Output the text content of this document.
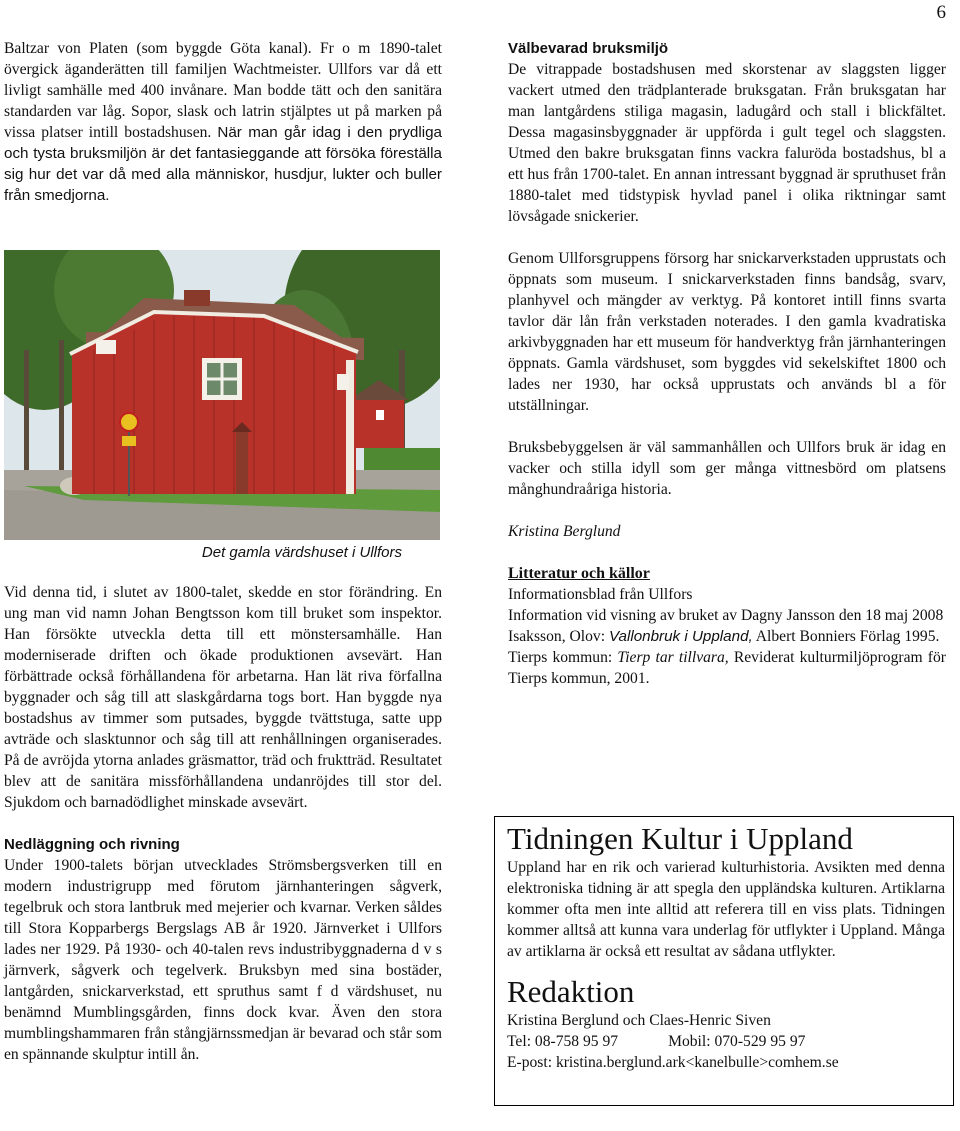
6

Baltzar von Platen (som byggde Göta kanal). Fr o m 1890-talet övergick äganderätten till familjen Wachtmeister. Ullfors var då ett livligt samhälle med 400 invånare. Man bodde tätt och den sanitära standarden var låg. Sopor, slask och latrin stjälptes ut på marken på vissa platser intill bostadshusen. När man går idag i den prydliga och tysta bruksmiljön är det fantasieggande att försöka föreställa sig hur det var då med alla människor, husdjur, lukter och buller från smedjorna.

Det gamla värdshuset i Ullfors

Vid denna tid, i slutet av 1800-talet, skedde en stor förändring. En ung man vid namn Johan Bengtsson kom till bruket som inspektor. Han försökte utveckla detta till ett mönstersamhälle. Han moderniserade driften och ökade produktionen avsevärt. Han förbättrade också förhållandena för arbetarna. Han lät riva förfallna byggnader och såg till att slaskgårdarna togs bort. Han byggde nya bostadshus av timmer som putsades, byggde tvättstuga, satte upp avträde och slasktunnor och såg till att renhållningen organiserades. På de avröjda ytorna anlades gräsmattor, träd och fruktträd. Resultatet blev att de sanitära missförhållandena undanröjdes till stor del. Sjukdom och barnadödlighet minskade avsevärt.

Nedläggning och rivning

Under 1900-talets början utvecklades Strömsbergsverken till en modern industrigrupp med förutom järnhanteringen sågverk, tegelbruk och stora lantbruk med mejerier och kvarnar. Verken såldes till Stora Kopparbergs Bergslags AB år 1920. Järnverket i Ullfors lades ner 1929. På 1930- och 40-talen revs industribyggnaderna d v s järnverk, sågverk och tegelverk. Bruksbyn med sina bostäder, lantgården, snickarverkstad, ett spruthus samt f d värdshuset, nu benämnd Mumblingsgården, finns dock kvar. Även den stora mumblingshammaren från stångjärnssmedjan är bevarad och står som en spännande skulptur intill ån.

Välbevarad bruksmiljö

De vitrappade bostadshusen med skorstenar av slaggsten ligger vackert utmed den trädplanterade bruksgatan. Från bruksgatan har man lantgårdens stiliga magasin, ladugård och stall i blickfältet. Dessa magasinsbyggnader är uppförda i gult tegel och slaggsten. Utmed den bakre bruksgatan finns vackra faluröda bostadshus, bl a ett hus från 1700-talet. En annan intressant byggnad är spruthuset från 1880-talet med tidstypisk hyvlad panel i olika riktningar samt lövsågade snickerier.

Genom Ullforsgruppens försorg har snickarverkstaden upprustats och öppnats som museum. I snickarverkstaden finns bandsåg, svarv, planhyvel och mängder av verktyg. På kontoret intill finns svarta tavlor där lån från verkstaden noterades. I den gamla kvadratiska arkivbyggnaden har ett museum för handverktyg från järnhanteringen öppnats. Gamla värdshuset, som byggdes vid sekelskiftet 1800 och lades ner 1930, har också upprustats och används bl a för utställningar.

Bruksbebyggelsen är väl sammanhållen och Ullfors bruk är idag en vacker och stilla idyll som ger många vittnesbörd om platsens månghundraåriga historia.

Kristina Berglund

Litteratur och källor

Informationsblad från Ullfors

Information vid visning av bruket av Dagny Jansson den 18 maj 2008

Isaksson, Olov: Vallonbruk i Uppland, Albert Bonniers Förlag 1995.

Tierps kommun: Tierp tar tillvara, Reviderat kulturmiljöprogram för Tierps kommun, 2001.

Tidningen Kultur i Uppland

Uppland har en rik och varierad kulturhistoria. Avsikten med denna elektroniska tidning är att spegla den uppländska kulturen. Artiklarna kommer ofta men inte alltid att referera till en viss plats. Tidningen kommer alltså att kunna vara underlag för utflykter i Uppland. Många av artiklarna är också ett resultat av sådana utflykter.

Redaktion

Kristina Berglund och Claes-Henric Siven

Tel: 08-758 95 97	Mobil: 070-529 95 97

E-post: kristina.berglund.ark<kanelbulle>comhem.se
